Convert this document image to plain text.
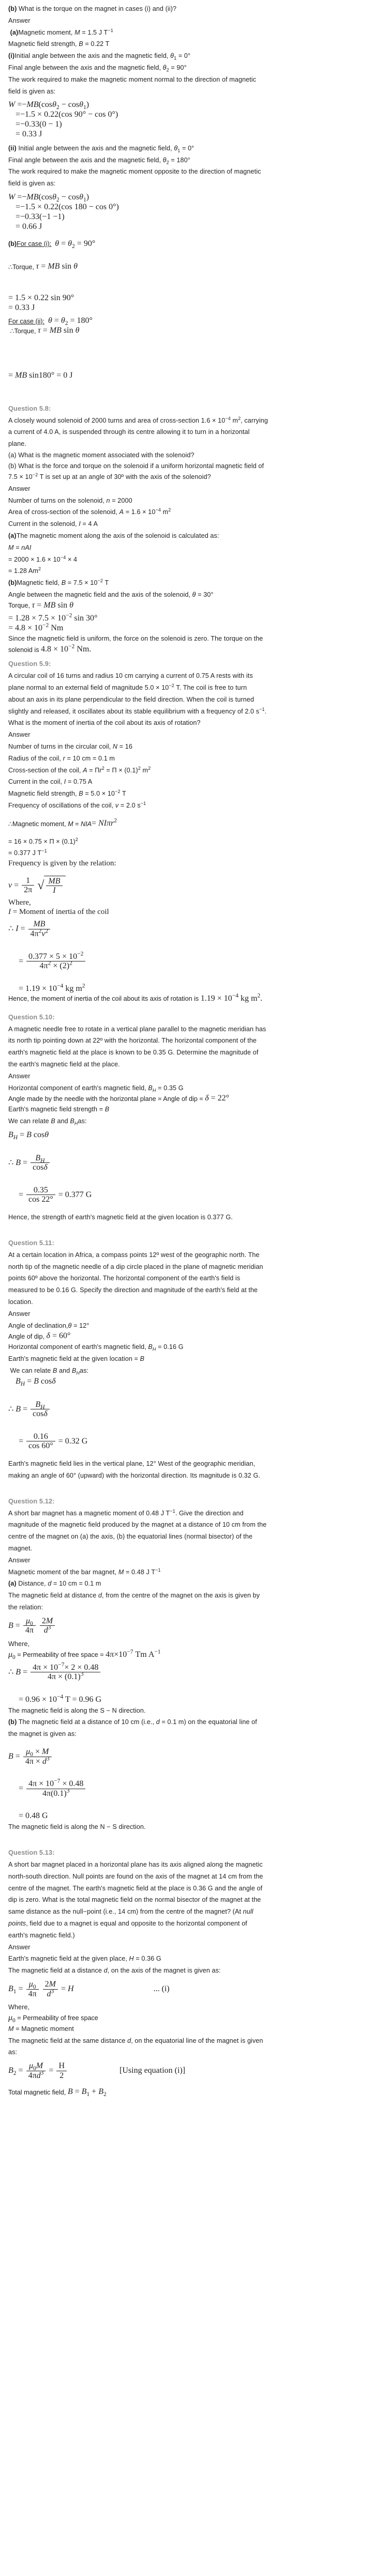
(b) What is the torque on the magnet in cases (i) and (ii)?
Answer
(a)Magnetic moment, M = 1.5 J $T^{-1}$
Magnetic field strength, B = 0.22 T
(i)Initial angle between the axis and the magnetic field, $\theta_1 = 0^\circ$
Final angle between the axis and the magnetic field, $\theta_2 = 90^\circ$
The work required to make the magnetic moment normal to the direction of magnetic
field is given as:
W =−MB(cosθ$_2$ − cosθ$_1$)
=−1.5 × 0.22(cos 90° − cos 0°)
=−0.33(0 − 1)
= 0.33 J
(ii) Initial angle between the axis and the magnetic field, $\theta_1 = 0^\circ$
Final angle between the axis and the magnetic field, $\theta_2 = 180^\circ$
The work required to make the magnetic moment opposite to the direction of magnetic
field is given as:
W =−MB(cosθ$_2$ − cosθ$_1$)
=−1.5 × 0.22(cos 180 − cos 0°)
=−0.33(−1 −1)
= 0.66 J
(b)For case (i): $\theta = \theta_2 = 90^\circ$
∴Torque,
τ = MB sin θ
= 1.5 × 0.22 sin 90°
= 0.33 J
For case (ii):
$\theta = \theta_2 = 180^\circ$

∴Torque,
τ = MB sin θ
= MB sin180° = 0 J
Question 5.8:
A closely wound solenoid of 2000 turns and area of cross-section $1.6 \times 10^{-4}$ $m^2$, carrying
a current of 4.0 A, is suspended through its centre allowing it to turn in a horizontal
plane.
(a) What is the magnetic moment associated with the solenoid?
(b) What is the force and torque on the solenoid if a uniform horizontal magnetic field of
$7.5 \times 10^{-2}$ T is set up at an angle of 30º with the axis of the solenoid?
Answer
Number of turns on the solenoid, n = 2000
Area of cross-section of the solenoid, $A = 1.6 \times 10^{-4}$ $m^2$
Current in the solenoid, I = 4 A
(a)The magnetic moment along the axis of the solenoid is calculated as:
M = nAI
= $2000 \times 1.6 \times 10^{-4} \times 4$
= 1.28 Am$^2$
(b)Magnetic field, $B = 7.5 \times 10^{-2}$ T
Angle between the magnetic field and the axis of the solenoid, θ = 30°
Torque,
τ = MB sin θ
= $1.28 \times 7.5 \times 10^{-2}$ sin 30°
= $4.8 \times 10^{-2}$ Nm
Since the magnetic field is uniform, the force on the solenoid is zero. The torque on the
solenoid is
$4.8 \times 10^{-2}$ Nm.
Question 5.9:
A circular coil of 16 turns and radius 10 cm carrying a current of 0.75 A rests with its
plane normal to an external field of magnitude $5.0 \times 10^{-2}$ T. The coil is free to turn
about an axis in its plane perpendicular to the field direction. When the coil is turned
slightly and released, it oscillates about its stable equilibrium with a frequency of 2.0 $s^{-1}$.
What is the moment of inertia of the coil about its axis of rotation?
Answer
Number of turns in the circular coil, N = 16
Radius of the coil, r = 10 cm = 0.1 m
Cross-section of the coil, $A = \Pi r^2 = \Pi \times (0.1)^2$ $m^2$
Current in the coil, I = 0.75 A
Magnetic field strength, $B = 5.0 \times 10^{-2}$ T
Frequency of oscillations of the coil, v = 2.0 $s^{-1}$
∴Magnetic moment, M = NIA = NIπr$^2$
= $16 \times 0.75 \times \Pi \times (0.1)^2$
= 0.377 J $T^{-1}$
Frequency is given by the relation:
$v = \frac{1}{2\pi}$ √ $\frac{MB}{I}$
Where,
I = Moment of inertia of the coil
∴ $I = \frac{MB}{4\pi^2v^2}$
= $\frac{0.377 \times 5 \times 10^{-2}}{4\pi^2 \times (2)^2}$
= $1.19 \times 10^{-4}$ kg $m^2$
Hence, the moment of inertia of the coil about its axis of rotation is
$1.19 \times 10^{-4}$ kg $m^2$.
Question 5.10:
A magnetic needle free to rotate in a vertical plane parallel to the magnetic meridian has
its north tip pointing down at 22º with the horizontal. The horizontal component of the
earth's magnetic field at the place is known to be 0.35 G. Determine the magnitude of
the earth's magnetic field at the place.
Answer
Horizontal component of earth's magnetic field, $B_H = 0.35$ G
Angle made by the needle with the horizontal plane = Angle of dip =
δ = 22°
Earth's magnetic field strength = B
We can relate B and $B_Has$:
$B_H = B$ cosθ
∴ $B = \frac{B_H}{\cos\delta}$
= $\frac{0.35}{\cos 22^\circ} = 0.377$ G
Hence, the strength of earth's magnetic field at the given location is 0.377 G.
Question 5.11:
At a certain location in Africa, a compass points 12º west of the geographic north. The
north tip of the magnetic needle of a dip circle placed in the plane of magnetic meridian
points 60º above the horizontal. The horizontal component of the earth's field is
measured to be 0.16 G. Specify the direction and magnitude of the earth's field at the
location.
Answer
Angle of declination,θ = 12°
Angle of dip,
δ = 60°
Horizontal component of earth's magnetic field, $B_H = 0.16$ G
Earth's magnetic field at the given location = B
We can relate B and $B_Has$:
$B_H = B$ cosδ
∴ $B = \frac{B_H}{\cos\delta}$
= $\frac{0.16}{\cos 60^\circ} = 0.32$ G
Earth's magnetic field lies in the vertical plane, 12° West of the geographic meridian,
making an angle of 60° (upward) with the horizontal direction. Its magnitude is 0.32 G.
Question 5.12:
A short bar magnet has a magnetic moment of 0.48 J $T^{-1}$. Give the direction and
magnitude of the magnetic field produced by the magnet at a distance of 10 cm from the
centre of the magnet on (a) the axis, (b) the equatorial lines (normal bisector) of the
magnet.
Answer
Magnetic moment of the bar magnet, M = 0.48 J $T^{-1}$
(a) Distance, d = 10 cm = 0.1 m
The magnetic field at distance d, from the centre of the magnet on the axis is given by
the relation:
$B = \frac{\mu_0}{4\pi}$
$\frac{2M}{d^3}$
Where,
$\mu_0$
= Permeability of free space =
$4\pi\times 10^{-7}$ Tm $A^{-1}$
∴ $B = \frac{4\pi \times 10^{-7}\times 2 \times 0.48}{4\pi \times (0.1)^3}$
= $0.96 \times 10^{-4}$ T = 0.96 G
The magnetic field is along the S − N direction.
(b) The magnetic field at a distance of 10 cm (i.e., d = 0.1 m) on the equatorial line of
the magnet is given as:
$B = \frac{\mu_0 \times M}{4\pi \times d^3}$
= $\frac{4\pi \times 10^{-7} \times 0.48}{4\pi(0.1)^3}$
= 0.48 G
The magnetic field is along the N − S direction.
Question 5.13:
A short bar magnet placed in a horizontal plane has its axis aligned along the magnetic
north-south direction. Null points are found on the axis of the magnet at 14 cm from the
centre of the magnet. The earth's magnetic field at the place is 0.36 G and the angle of
dip is zero. What is the total magnetic field on the normal bisector of the magnet at the
same distance as the null−point (i.e., 14 cm) from the centre of the magnet? (At null
points, field due to a magnet is equal and opposite to the horizontal component of
earth's magnetic field.)
Answer
Earth's magnetic field at the given place, H = 0.36 G
The magnetic field at a distance d, on the axis of the magnet is given as:
$B_1 = \frac{\mu_0}{4\pi}$
$\frac{2M}{d^3} = H$	... (i)
Where,
$\mu_0$
= Permeability of free space
M = Magnetic moment
The magnetic field at the same distance d, on the equatorial line of the magnet is given
as:
$B_2 = \frac{\mu_0M}{4\pi d^3} = \frac{H}{2}$	[Using equation (i)]
Total magnetic field,
$B = B_1 + B_2$
